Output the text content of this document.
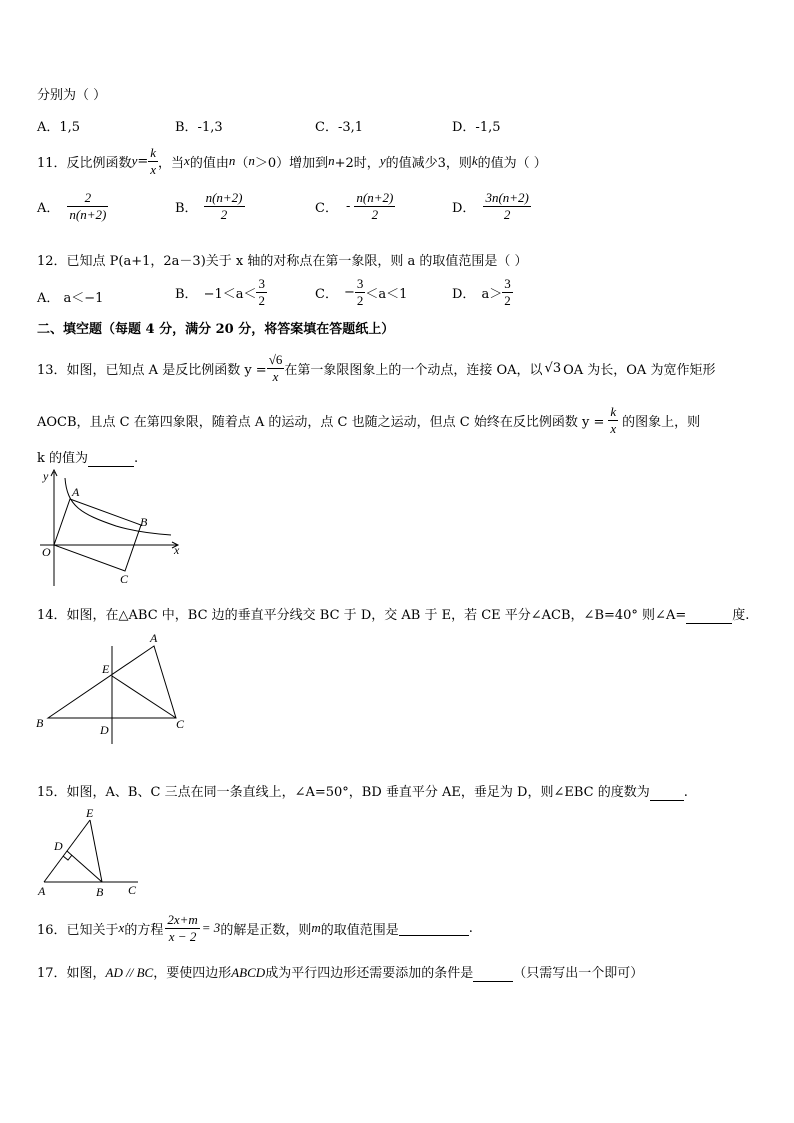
分别为（ ）
A．1,5	B．-1,3	C．-3,1	D．-1,5
11． 反比例函数 $y = \frac{k}{x}$ ，当 x 的值由 n （ n ＞0）增加到 n +2时， y 的值减少3，则 k 的值为（ ）
A． $\frac{2}{n(n+2)}$	B． $\frac{n(n+2)}{2}$	C． - $\frac{n(n+2)}{2}$	D． $\frac{3n(n+2)}{2}$
12．已知点 P(a+1，2a－3)关于 x 轴的对称点在第一象限，则 a 的取值范围是（ ）
A． a＜−1	B． $-1<a< \frac{3}{2}$	C． − $\frac{3}{2} <a<1$	D． $a> \frac{3}{2}$
二、填空题（每题 4 分，满分 20 分，将答案填在答题纸上）
13．如图，已知点 A 是反比例函数 $y = \frac{√6}{x}$ 在第一象限图象上的一个动点，连接 OA，以 √3 OA 为长，OA 为宽作矩形
AOCB，且点 C 在第四象限，随着点 A 的运动，点 C 也随之运动，但点 C 始终在反比例函数 $y = \frac{k}{x}$ 的图象上，则
k 的值为	.
y
O
A
B
C
x
14．如图，在△ABC 中，BC 边的垂直平分线交 BC 于 D，交 AB 于 E，若 CE 平分∠ACB，∠B=40° 则∠A=	度.
A
E
B	D	C
15．如图，A、B、C 三点在同一条直线上，∠A=50°，BD 垂直平分 AE，垂足为 D，则∠EBC 的度数为	.
E
D
A	B C
16．已知关于 x 的方程 $\frac{2x+m}{x - 2} = 3$ 的解是正数，则 m 的取值范围是	.
17．如图，AD // BC，要使四边形ABCD成为平行四边形还需要添加的条件是	（只需写出一个即可）
